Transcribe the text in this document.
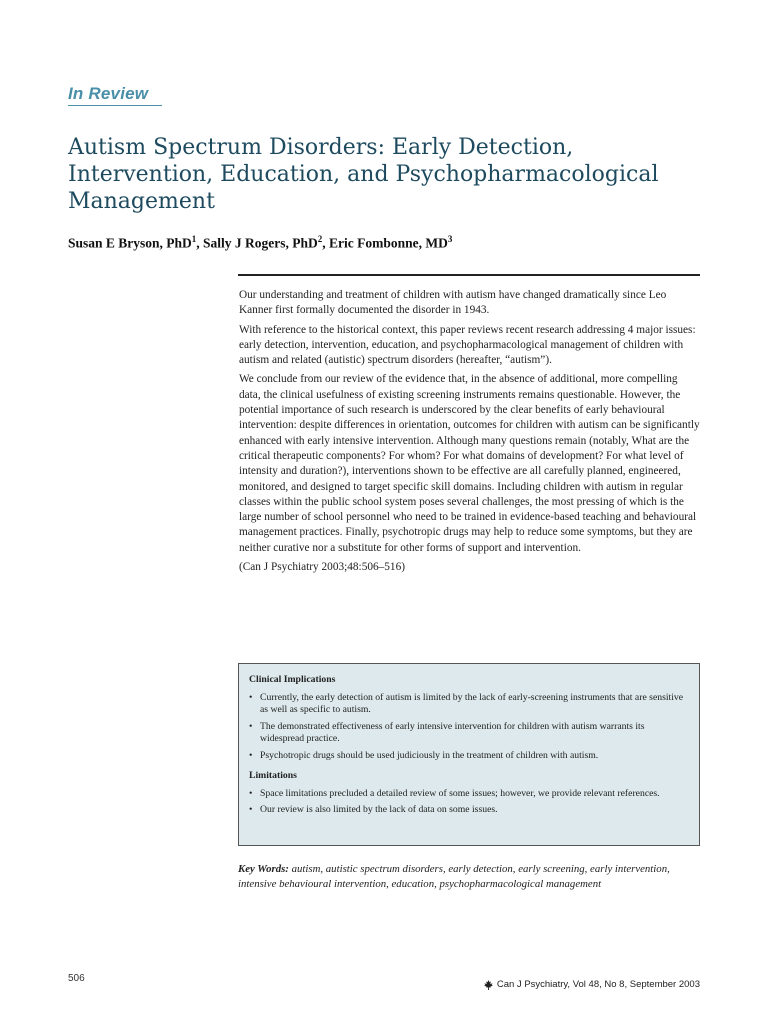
In Review
Autism Spectrum Disorders: Early Detection, Intervention, Education, and Psychopharmacological Management
Susan E Bryson, PhD$^1$, Sally J Rogers, PhD$^2$, Eric Fombonne, $MD^3$

Our understanding and treatment of children with autism have changed dramatically since Leo Kanner first formally documented the disorder in 1943.

With reference to the historical context, this paper reviews recent research addressing 4 major issues: early detection, intervention, education, and psychopharmacological management of children with autism and related (autistic) spectrum disorders (hereafter, “autism”).

We conclude from our review of the evidence that, in the absence of additional, more compelling data, the clinical usefulness of existing screening instruments remains questionable. However, the potential importance of such research is underscored by the clear benefits of early behavioural intervention: despite differences in orientation, outcomes for children with autism can be significantly enhanced with early intensive intervention. Although many questions remain (notably, What are the critical therapeutic components? For whom? For what domains of development? For what level of intensity and duration?), interventions shown to be effective are all carefully planned, engineered, monitored, and designed to target specific skill domains. Including children with autism in regular classes within the public school system poses several challenges, the most pressing of which is the large number of school personnel who need to be trained in evidence-based teaching and behavioural management practices. Finally, psychotropic drugs may help to reduce some symptoms, but they are neither curative nor a substitute for other forms of support and intervention.

(Can J Psychiatry 2003;48:506–516)

Clinical Implications
• Currently, the early detection of autism is limited by the lack of early-screening instruments that are sensitive as well as specific to autism.
• The demonstrated effectiveness of early intensive intervention for children with autism warrants its widespread practice.
• Psychotropic drugs should be used judiciously in the treatment of children with autism.
Limitations
• Space limitations precluded a detailed review of some issues; however, we provide relevant references.
• Our review is also limited by the lack of data on some issues.
Key Words: autism, autistic spectrum disorders, early detection, early screening, early intervention, intensive behavioural intervention, education, psychopharmacological management
506
Can J Psychiatry, Vol 48, No 8, September 2003
